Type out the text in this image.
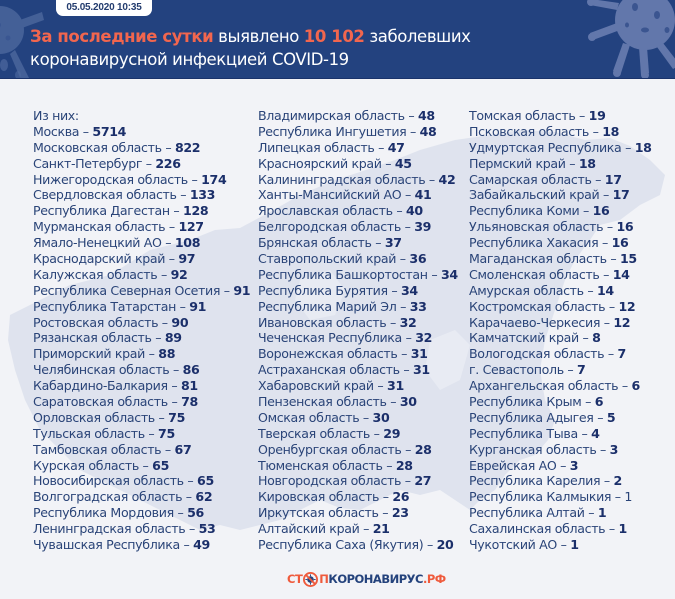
05.05.2020 10:35
За последние сутки выявлено 10 102 заболевших
коронавирусной инфекцией COVID-19
Из них:
Москва – 5714
Московская область – 822
Санкт-Петербург – 226
Нижегородская область – 174
Свердловская область – 133
Республика Дагестан – 128
Мурманская область – 127
Ямало-Ненецкий АО – 108
Краснодарский край – 97
Калужская область – 92
Республика Северная Осетия – 91
Республика Татарстан – 91
Ростовская область – 90
Рязанская область – 89
Приморский край – 88
Челябинская область – 86
Кабардино-Балкария – 81
Саратовская область – 78
Орловская область – 75
Тульская область – 75
Тамбовская область – 67
Курская область – 65
Новосибирская область – 65
Волгоградская область – 62
Республика Мордовия – 56
Ленинградская область – 53
Чувашская Республика – 49
Владимирская область – 48
Республика Ингушетия – 48
Липецкая область – 47
Красноярский край – 45
Калининградская область – 42
Ханты-Мансийский АО – 41
Ярославская область – 40
Белгородская область – 39
Брянская область – 37
Ставропольский край – 36
Республика Башкортостан – 34
Республика Бурятия – 34
Республика Марий Эл – 33
Ивановская область – 32
Чеченская Республика – 32
Воронежская область – 31
Астраханская область – 31
Хабаровский край – 31
Пензенская область – 30
Омская область – 30
Тверская область – 29
Оренбургская область – 28
Тюменская область – 28
Новгородская область – 27
Кировская область – 26
Иркутская область – 23
Алтайский край – 21
Республика Саха (Якутия) – 20
Томская область – 19
Псковская область – 18
Удмуртская Республика – 18
Пермский край – 18
Самарская область – 17
Забайкальский край – 17
Республика Коми – 16
Ульяновская область – 16
Республика Хакасия – 16
Магаданская область – 15
Смоленская область – 14
Амурская область – 14
Костромская область – 12
Карачаево-Черкесия – 12
Камчатский край – 8
Вологодская область – 7
г. Севастополь – 7
Архангельская область – 6
Республика Крым – 6
Республика Адыгея – 5
Республика Тыва – 4
Курганская область – 3
Еврейская АО – 3
Республика Карелия – 2
Республика Калмыкия – 1
Республика Алтай – 1
Сахалинская область – 1
Чукотский АО – 1
СТ ПКОРОНАВИРУС .РФ
